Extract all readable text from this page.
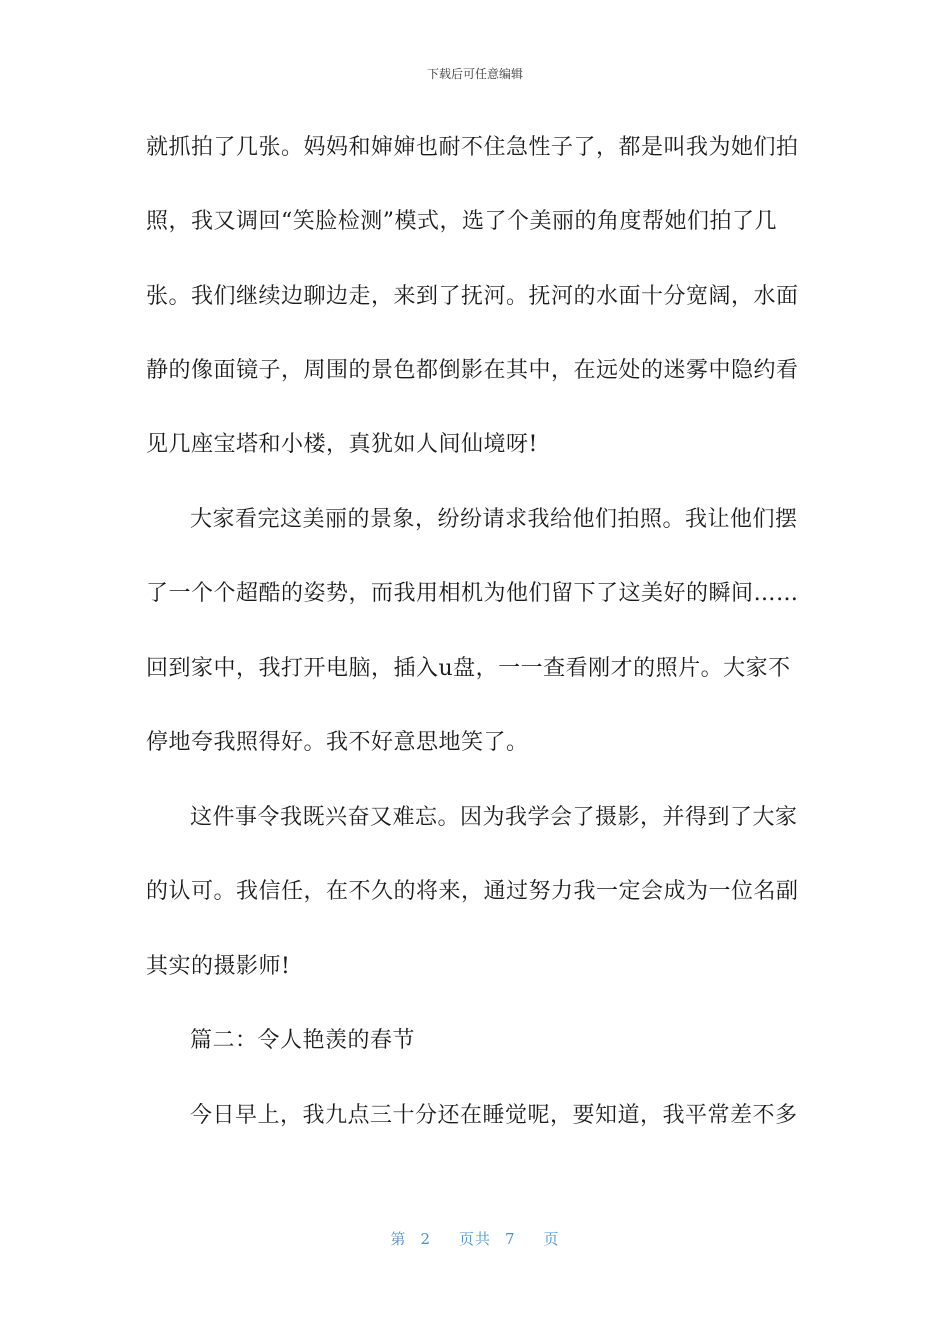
下载后可任意编辑
就抓拍了几张。妈妈和婶婶也耐不住急性子了，都是叫我为她们拍
照，我又调回“笑脸检测”模式，选了个美丽的角度帮她们拍了几
张。我们继续边聊边走，来到了抚河。抚河的水面十分宽阔，水面
静的像面镜子，周围的景色都倒影在其中，在远处的迷雾中隐约看
见几座宝塔和小楼，真犹如人间仙境呀!
大家看完这美丽的景象，纷纷请求我给他们拍照。我让他们摆
了一个个超酷的姿势，而我用相机为他们留下了这美好的瞬间……
回到家中，我打开电脑，插入u盘，一一查看刚才的照片。大家不
停地夸我照得好。我不好意思地笑了。
这件事令我既兴奋又难忘。因为我学会了摄影，并得到了大家
的认可。我信任，在不久的将来，通过努力我一定会成为一位名副
其实的摄影师!
篇二：令人艳羡的春节
今日早上，我九点三十分还在睡觉呢，要知道，我平常差不多
第 2 页共 7 页
